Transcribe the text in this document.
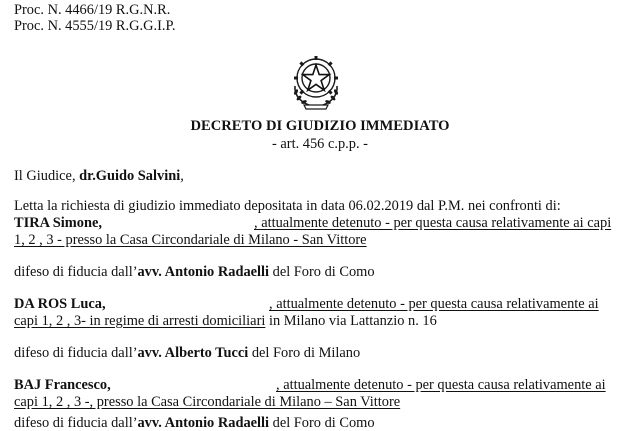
Proc. N. 4466/19 R.G.N.R.
Proc. N. 4555/19 R.G.G.I.P.
DECRETO DI GIUDIZIO IMMEDIATO
- art. 456 c.p.p. -
Il Giudice, dr.Guido Salvini,
Letta la richiesta di giudizio immediato depositata in data 06.02.2019 dal P.M. nei confronti di:
TIRA Simone,	, attualmente detenuto - per questa causa relativamente ai capi
1, 2 , 3 - presso la Casa Circondariale di Milano - San Vittore
difeso di fiducia dall’avv. Antonio Radaelli del Foro di Como
DA ROS Luca,	, attualmente detenuto - per questa causa relativamente ai
capi 1, 2 , 3- in regime di arresti domiciliari in Milano via Lattanzio n. 16
difeso di fiducia dall’avv. Alberto Tucci del Foro di Milano
BAJ Francesco,	, attualmente detenuto - per questa causa relativamente ai
capi 1, 2 , 3 -, presso la Casa Circondariale di Milano – San Vittore
difeso di fiducia dall’avv. Antonio Radaelli del Foro di Como
